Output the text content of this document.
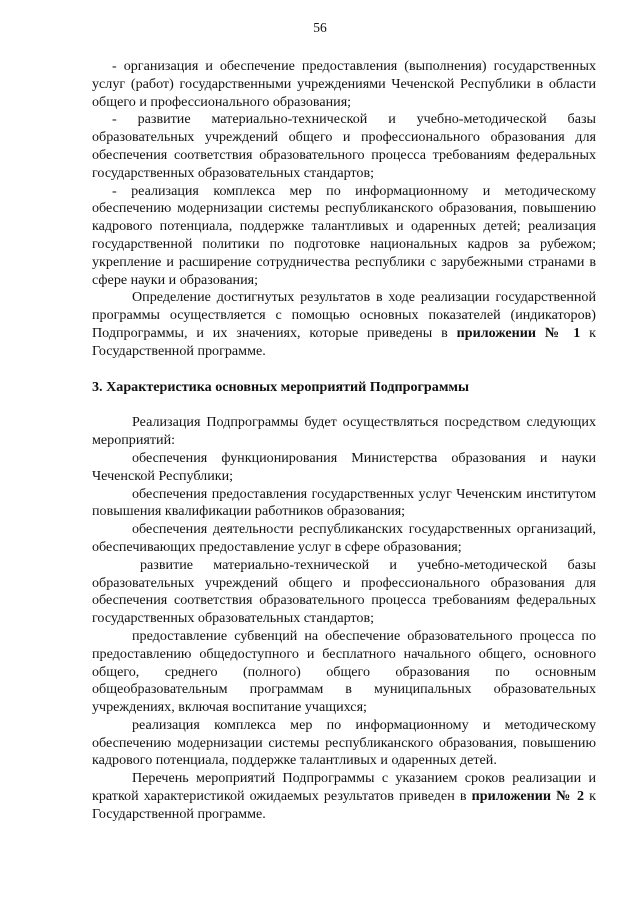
56

- организация и обеспечение предоставления (выполнения) государственных услуг (работ) государственными учреждениями Чеченской Республики в области общего и профессионального образования;

- развитие материально-технической и учебно-методической базы образовательных учреждений общего и профессионального образования для обеспечения соответствия образовательного процесса требованиям федеральных государственных образовательных стандартов;

- реализация комплекса мер по информационному и методическому обеспечению модернизации системы республиканского образования, повышению кадрового потенциала, поддержке талантливых и одаренных детей; реализация государственной политики по подготовке национальных кадров за рубежом; укрепление и расширение сотрудничества республики с зарубежными странами в сфере науки и образования;

Определение достигнутых результатов в ходе реализации государственной программы осуществляется с помощью основных показателей (индикаторов) Подпрограммы, и их значениях, которые приведены в приложении № 1 к Государственной программе.

3. Характеристика основных мероприятий Подпрограммы

Реализация Подпрограммы будет осуществляться посредством следующих мероприятий:

обеспечения функционирования Министерства образования и науки Чеченской Республики;

обеспечения предоставления государственных услуг Чеченским институтом повышения квалификации работников образования;

обеспечения деятельности республиканских государственных организаций, обеспечивающих предоставление услуг в сфере образования;

развитие материально-технической и учебно-методической базы образовательных учреждений общего и профессионального образования для обеспечения соответствия образовательного процесса требованиям федеральных государственных образовательных стандартов;

предоставление субвенций на обеспечение образовательного процесса по предоставлению общедоступного и бесплатного начального общего, основного общего, среднего (полного) общего образования по основным общеобразовательным программам в муниципальных образовательных учреждениях, включая воспитание учащихся;

реализация комплекса мер по информационному и методическому обеспечению модернизации системы республиканского образования, повышению кадрового потенциала, поддержке талантливых и одаренных детей.

Перечень мероприятий Подпрограммы с указанием сроков реализации и краткой характеристикой ожидаемых результатов приведен в приложении № 2 к Государственной программе.
